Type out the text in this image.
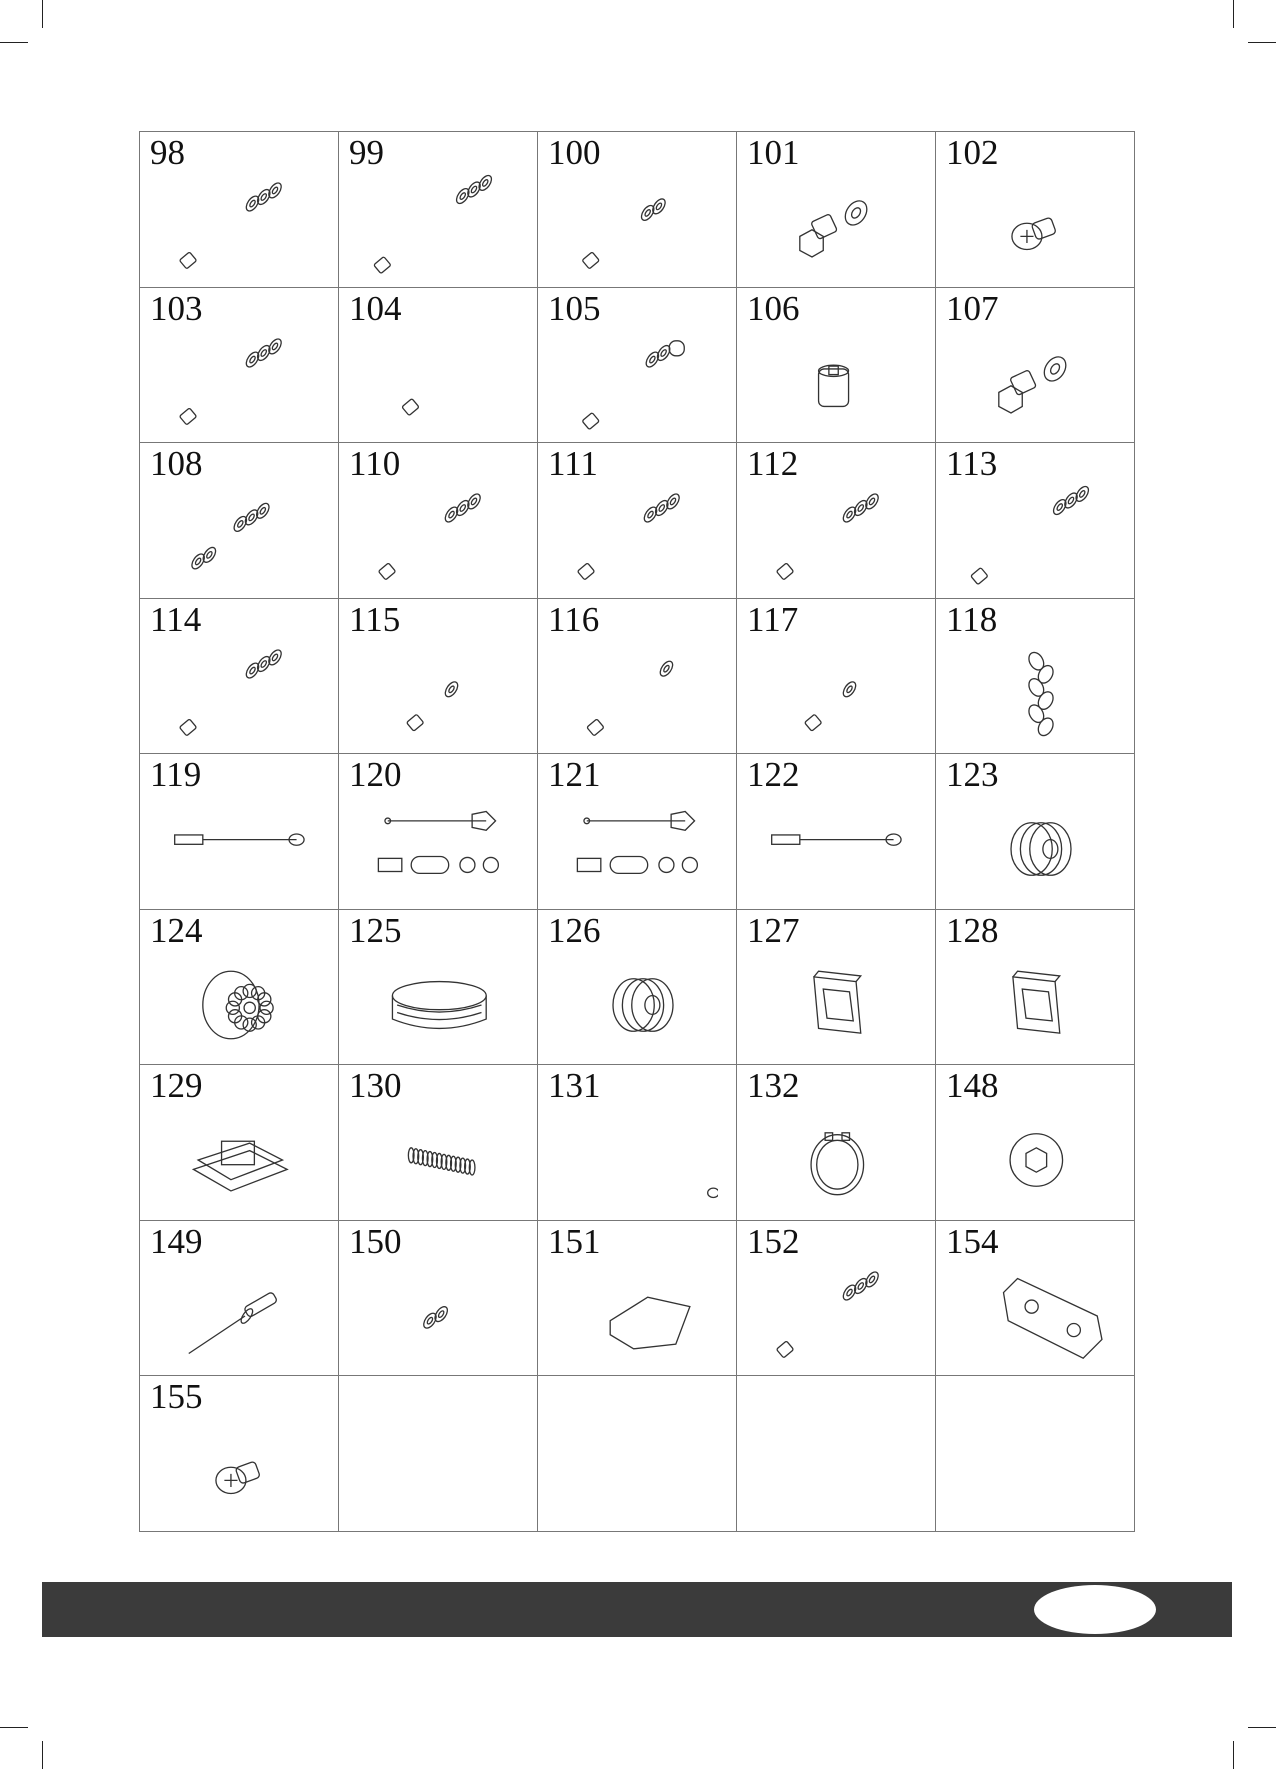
98	99	100	101	102
103	104	105	106	107
108	110	111	112	113
114	115	116	117	118
119	120	121	122	123
124	125	126	127	128
129	130	131	132	148
149	150	151	152	154
155
